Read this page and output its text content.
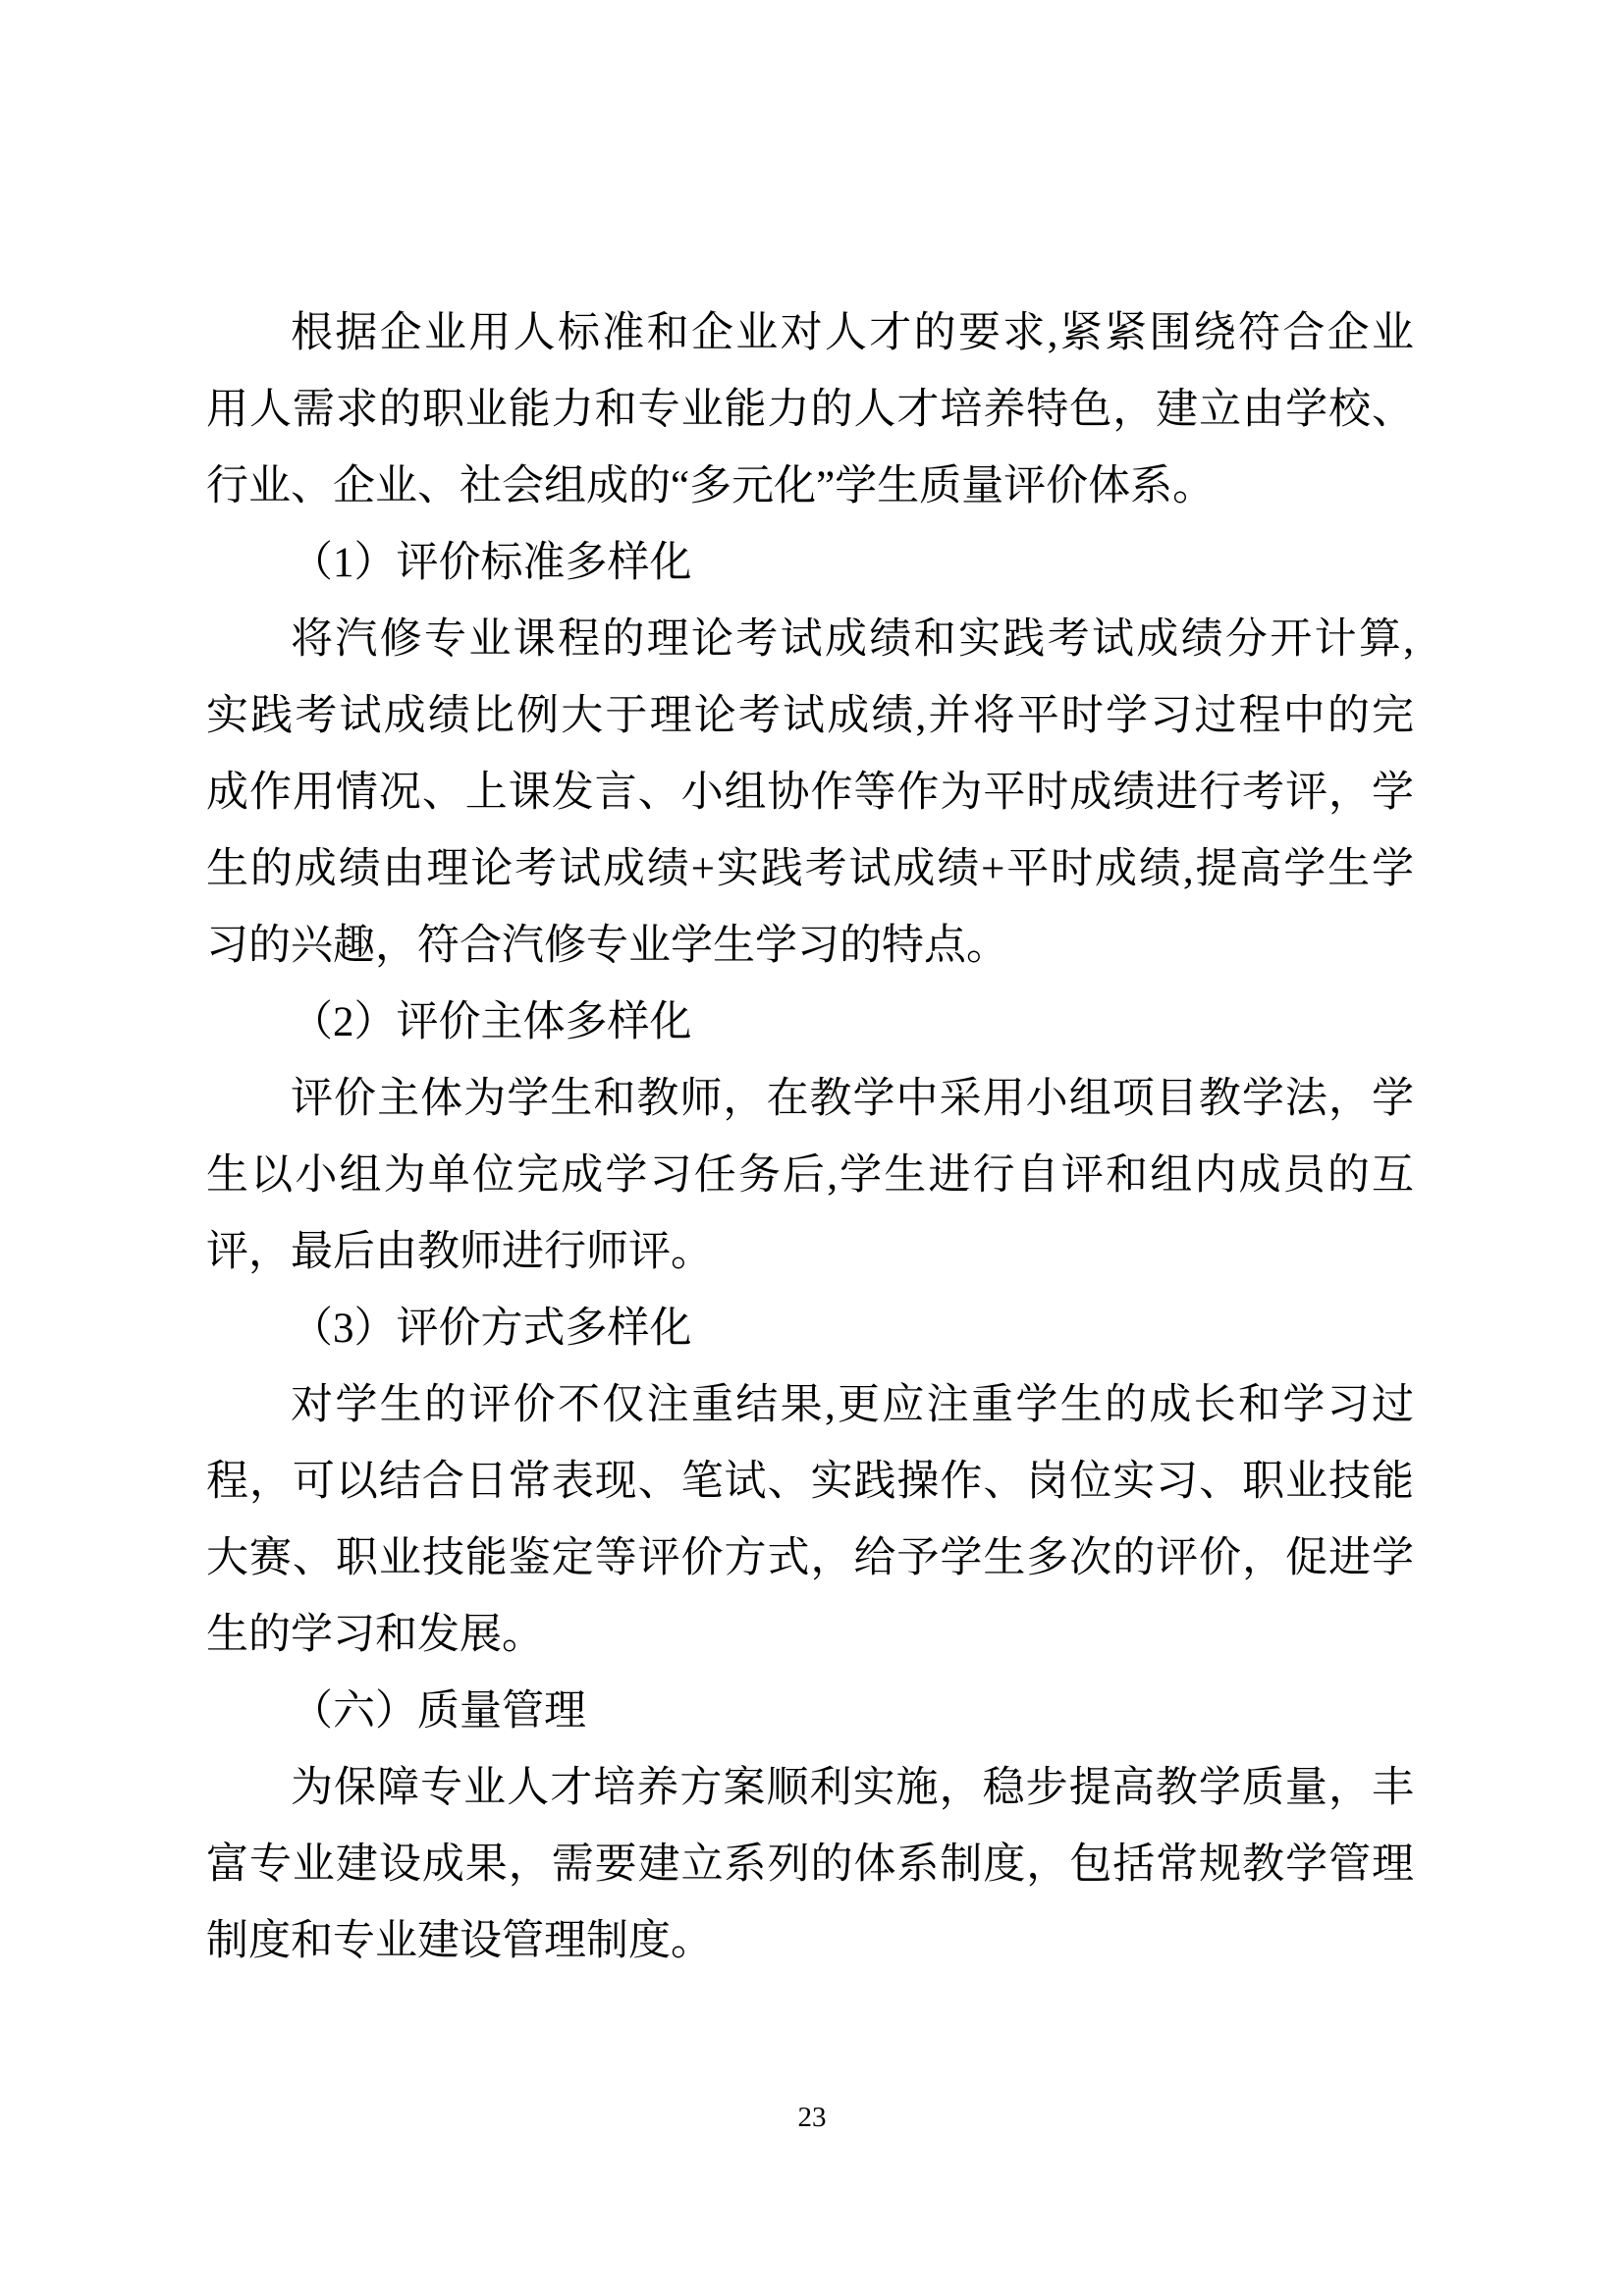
根据企业用人标准和企业对人才的要求,紧紧围绕符合企业
用人需求的职业能力和专业能力的人才培养特色，建立由学校、
行业、企业、社会组成的“多元化”学生质量评价体系。
（1）评价标准多样化
将汽修专业课程的理论考试成绩和实践考试成绩分开计算,
实践考试成绩比例大于理论考试成绩,并将平时学习过程中的完
成作用情况、上课发言、小组协作等作为平时成绩进行考评，学
生的成绩由理论考试成绩+实践考试成绩+平时成绩,提高学生学
习的兴趣，符合汽修专业学生学习的特点。
（2）评价主体多样化
评价主体为学生和教师，在教学中采用小组项目教学法，学
生以小组为单位完成学习任务后,学生进行自评和组内成员的互
评，最后由教师进行师评。
（3）评价方式多样化
对学生的评价不仅注重结果,更应注重学生的成长和学习过
程，可以结合日常表现、笔试、实践操作、岗位实习、职业技能
大赛、职业技能鉴定等评价方式，给予学生多次的评价，促进学
生的学习和发展。
（六）质量管理
为保障专业人才培养方案顺利实施，稳步提高教学质量，丰
富专业建设成果，需要建立系列的体系制度，包括常规教学管理
制度和专业建设管理制度。
23
